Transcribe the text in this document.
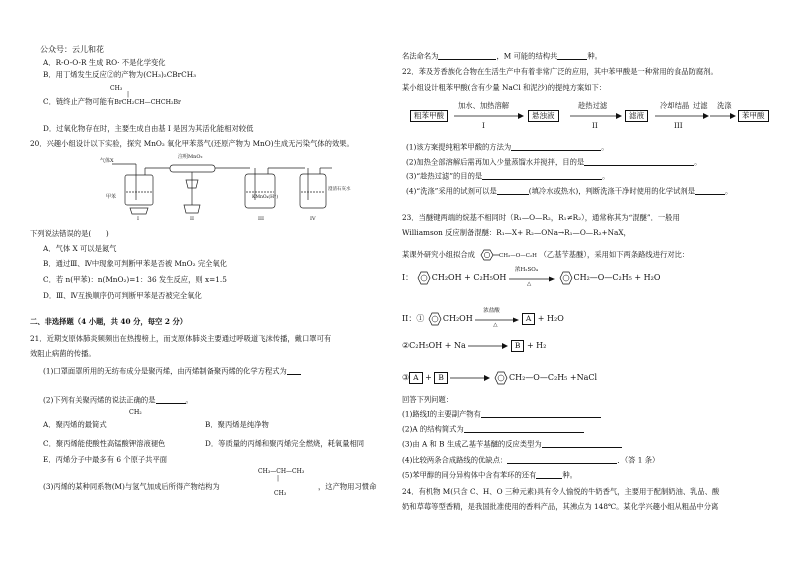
公众号：云儿和花
A．R-O-O-R 生成 RO· 不是化学变化
B．用丁烯发生反应②的产物为(CH₃)₂CBrCH₃
CH₃
|
C．链终止产物可能有BrCH₂CH—CHCH₂Br
D．过氧化物存在时，主要生成自由基 I 是因为其活化能相对较低
20．兴趣小组设计以下实验，探究 MnO₂ 氧化甲苯蒸气(还原产物为 MnO)生成无污染气体的效果。
气体X
甲苯
注明MnO₂
KMnO₄(H⁺)
澄清石灰水
I	II	III	IV
下列说法错误的是(　　)
A．气体 X 可以是氮气
B．通过Ⅲ、Ⅳ中现象可判断甲苯是否被 MnO₂ 完全氧化
C．若 n(甲苯)：n(MnO₂)=1：36 发生反应，则 x=1.5
D．Ⅲ、Ⅳ互换顺序仍可判断甲苯是否被完全氧化
二、非选择题（4 小题，共 40 分，每空 2 分）
21．近期支原体肺炎频频出在热搜榜上，而支原体肺炎主要通过呼吸道飞沫传播，戴口罩可有
效阻止病菌的传播。
(1)口罩面罩所用的无纺布成分是聚丙烯，由丙烯制备聚丙烯的化学方程式为
(2)下列有关聚丙烯的说法正确的是	。
CH₂
A．聚丙烯的最简式	B．聚丙烯是纯净物
C．聚丙烯能使酸性高锰酸钾溶液褪色	D．等质量的丙烯和聚丙烯完全燃烧，耗氧量相同
E．丙烯分子中最多有 6 个原子共平面
CH₃—CH—CH₃
|
(3)丙烯的某种同系物(M)与氢气加成后所得产物结构为	，这产物用习惯命
CH₃
名法命名为	，M 可能的结构共	种。
22．苯及芳香族化合物在生活生产中有着非常广泛的应用，其中苯甲酸是一种常用的食品防腐剂。
某小组设计粗苯甲酸(含有少量 NaCl 和泥沙)的提纯方案如下：
粗苯甲酸
加水、加热溶解
I
悬浊液
趁热过滤
II
滤液
冷却结晶 过滤
III
洗涤
苯甲酸
(1)该方案提纯粗苯甲酸的方法为	。
(2)加热全部溶解后需再加入少量蒸馏水并搅拌，目的是	。
(3)“趁热过滤”的目的是	。
(4)“洗涤”采用的试剂可以是	(填冷水或热水)，判断洗涤干净时使用的化学试剂是	。
23．当醚键两端的烷基不相同时（R₁—O—R₂，R₁≠R₂），通常称其为“混醚”．一般用
Williamson 反应制备混醚：R₁—X+ R₂—ONa→R₁—O—R₂+NaX，
某课外研究小组拟合成	CH₂—O—C₂H₅ （乙基苄基醚），采用如下两条路线进行对比：
I： CH₂OH + C₂H₅OH
浓H₂SO₄
△
CH₂—O—C₂H₅ + H₂O
II：① CH₂OH
浓盐酸
△
A + H₂O
②C₂H₅OH + Na	B + H₂
③ A + B	CH₂—O—C₂H₅ +NaCl
回答下列问题：
(1)路线Ⅰ的主要副产物有
(2)A 的结构简式为
(3)由 A 和 B 生成乙基苄基醚的反应类型为
(4)比较两条合成路线的优缺点：	．（答 1 条）
(5)苯甲醇的同分异构体中含有苯环的还有	种。
24．有机物 M(只含 C、H、O 三种元素)具有令人愉悦的牛奶香气，主要用于配制奶油、乳品、酸
奶和草莓等型香精，是我国批准使用的香料产品，其沸点为 148℃。某化学兴趣小组从粗品中分离
